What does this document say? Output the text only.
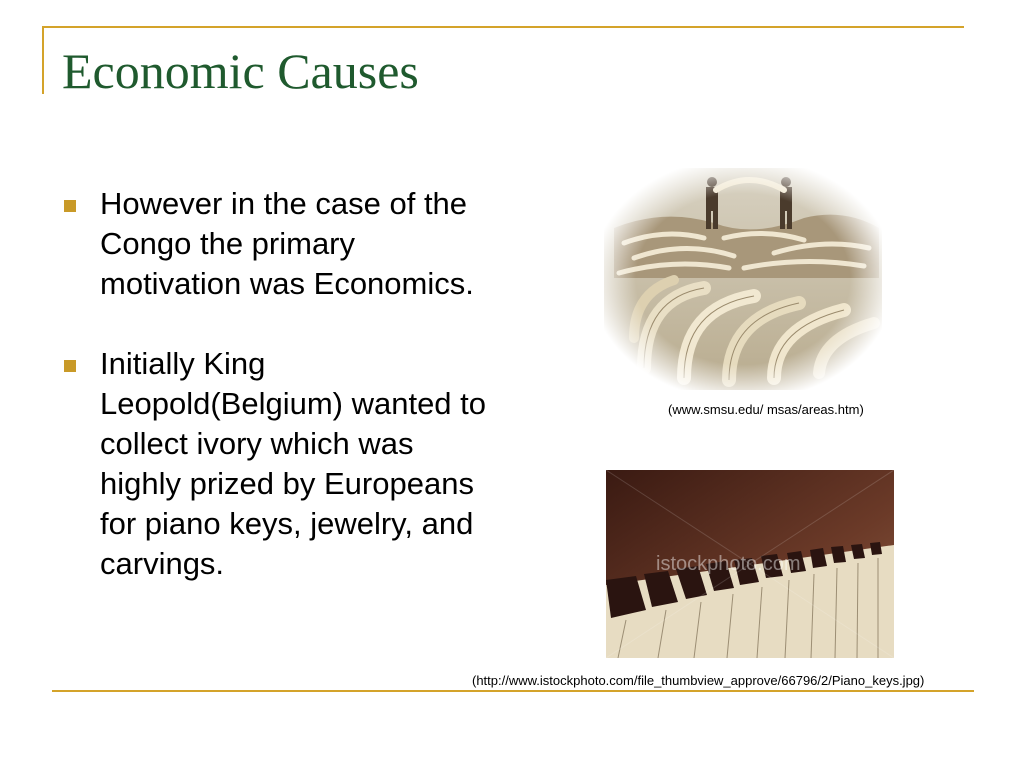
Economic Causes
However in the case of the Congo the primary motivation was Economics.
Initially King Leopold(Belgium) wanted to collect ivory which was highly prized by Europeans for piano keys, jewelry, and carvings.
(www.smsu.edu/ msas/areas.htm)
istockphoto.com
(http://www.istockphoto.com/file_thumbview_approve/66796/2/Piano_keys.jpg)
